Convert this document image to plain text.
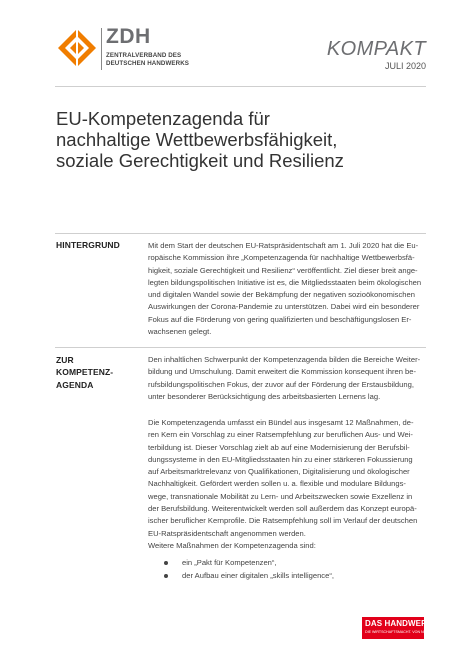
ZDH
ZENTRALVERBAND DES
DEUTSCHEN HANDWERKS
KOMPAKT
JULI 2020
EU-Kompetenzagenda für
nachhaltige Wettbewerbsfähigkeit,
soziale Gerechtigkeit und Resilienz
HINTERGRUND	Mit dem Start der deutschen EU-Ratspräsidentschaft am 1. Juli 2020 hat die Eu-
ropäische Kommission ihre „Kompetenzagenda für nachhaltige Wettbewerbsfä-
higkeit, soziale Gerechtigkeit und Resilienz“ veröffentlicht. Ziel dieser breit ange-
legten bildungspolitischen Initiative ist es, die Mitgliedsstaaten beim ökologischen
und digitalen Wandel sowie der Bekämpfung der negativen sozioökonomischen
Auswirkungen der Corona-Pandemie zu unterstützen. Dabei wird ein besonderer
Fokus auf die Förderung von gering qualifizierten und beschäftigungslosen Er-
wachsenen gelegt.
ZUR
KOMPETENZ-
AGENDA
Den inhaltlichen Schwerpunkt der Kompetenzagenda bilden die Bereiche Weiter-
bildung und Umschulung. Damit erweitert die Kommission konsequent ihren be-
rufsbildungspolitischen Fokus, der zuvor auf der Förderung der Erstausbildung,
unter besonderer Berücksichtigung des arbeitsbasierten Lernens lag.
Die Kompetenzagenda umfasst ein Bündel aus insgesamt 12 Maßnahmen, de-
ren Kern ein Vorschlag zu einer Ratsempfehlung zur beruflichen Aus- und Wei-
terbildung ist. Dieser Vorschlag zielt ab auf eine Modernisierung der Berufsbil-
dungssysteme in den EU-Mitgliedsstaaten hin zu einer stärkeren Fokussierung
auf Arbeitsmarktrelevanz von Qualifikationen, Digitalisierung und ökologischer
Nachhaltigkeit. Gefördert werden sollen u. a. flexible und modulare Bildungs-
wege, transnationale Mobilität zu Lern- und Arbeitszwecken sowie Exzellenz in
der Berufsbildung. Weiterentwickelt werden soll außerdem das Konzept europä-
ischer beruflicher Kernprofile. Die Ratsempfehlung soll im Verlauf der deutschen
EU-Ratspräsidentschaft angenommen werden.
Weitere Maßnahmen der Kompetenzagenda sind:
ein „Pakt für Kompetenzen“,
der Aufbau einer digitalen „skills intelligence“,
DAS HANDWERK
DIE WIRTSCHAFTSMACHT. VON NEBENAN.
